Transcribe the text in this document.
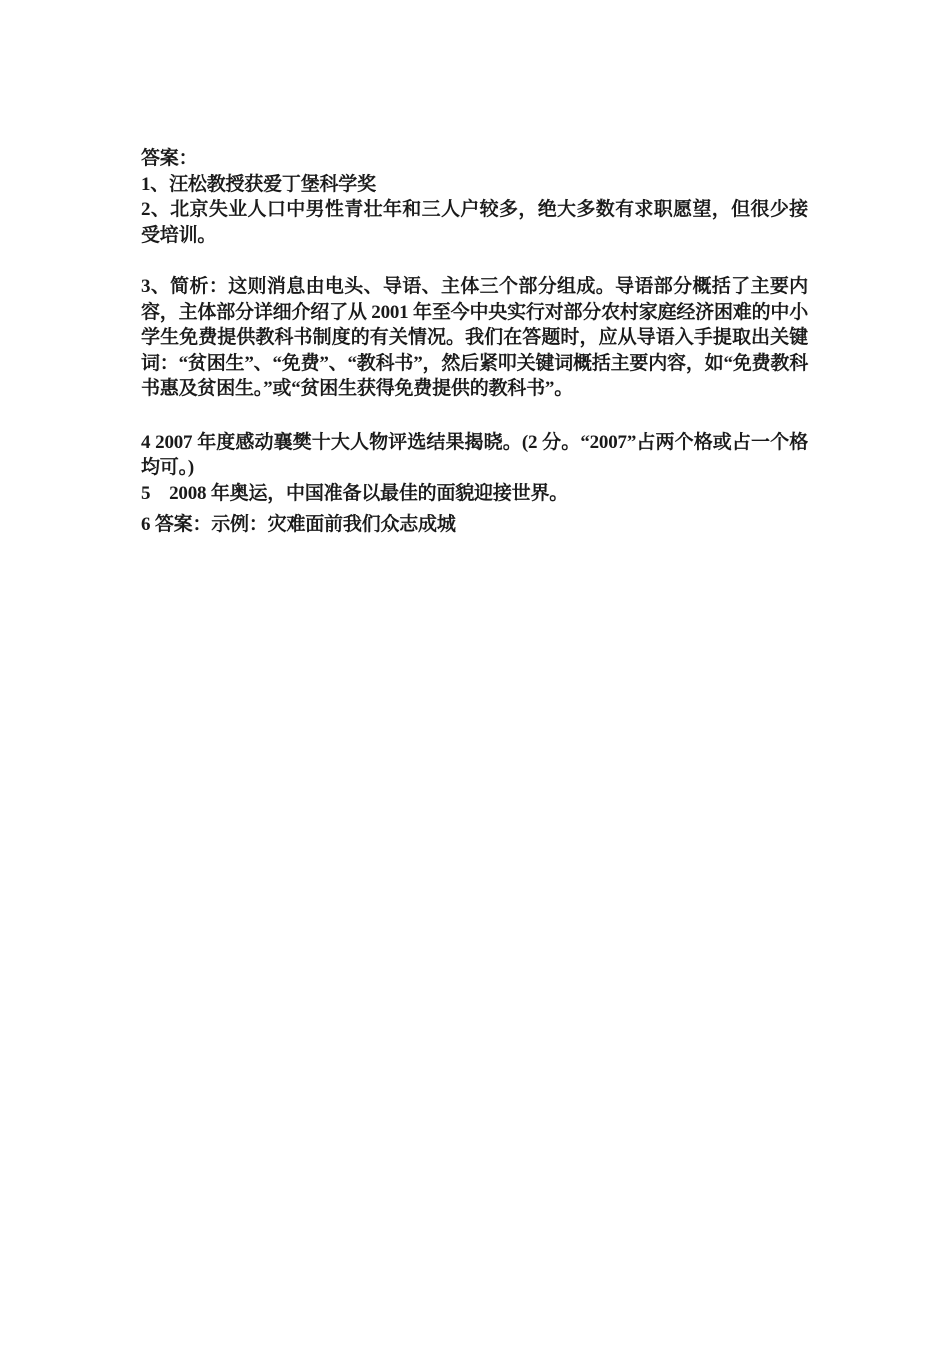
答案：

1、汪松教授获爱丁堡科学奖

2、北京失业人口中男性青壮年和三人户较多，绝大多数有求职愿望，但很少接受培训。

3、简析：这则消息由电头、导语、主体三个部分组成。导语部分概括了主要内容，主体部分详细介绍了从 2001 年至今中央实行对部分农村家庭经济困难的中小学生免费提供教科书制度的有关情况。我们在答题时，应从导语入手提取出关键词：“贫困生”、“免费”、“教科书”，然后紧叩关键词概括主要内容，如“免费教科书惠及贫困生。”或“贫困生获得免费提供的教科书”。

4 2007 年度感动襄樊十大人物评选结果揭晓。(2 分。“2007”占两个格或占一个格均可。)

5　2008 年奥运，中国准备以最佳的面貌迎接世界。

6 答案：示例：灾难面前我们众志成城
